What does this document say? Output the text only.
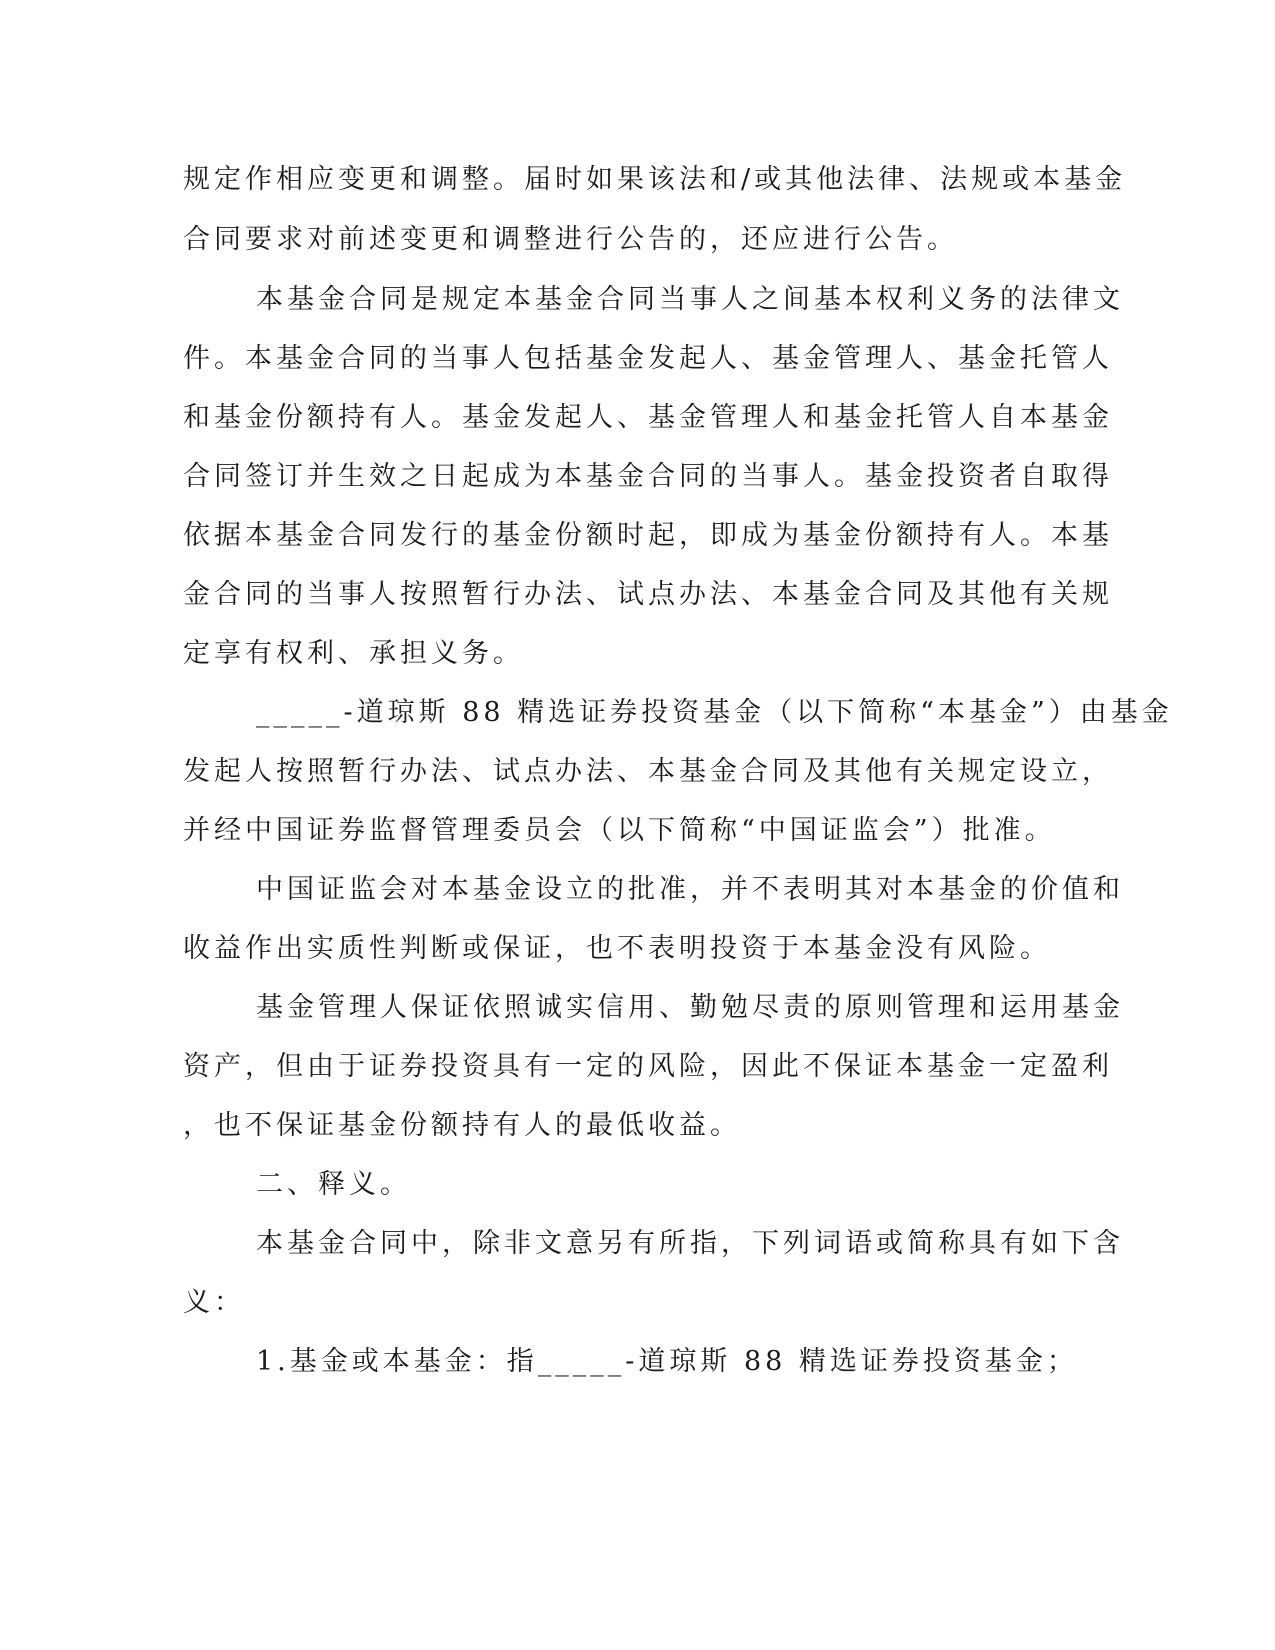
规定作相应变更和调整。届时如果该法和/或其他法律、法规或本基金
合同要求对前述变更和调整进行公告的，还应进行公告。
本基金合同是规定本基金合同当事人之间基本权利义务的法律文
件。本基金合同的当事人包括基金发起人、基金管理人、基金托管人
和基金份额持有人。基金发起人、基金管理人和基金托管人自本基金
合同签订并生效之日起成为本基金合同的当事人。基金投资者自取得
依据本基金合同发行的基金份额时起，即成为基金份额持有人。本基
金合同的当事人按照暂行办法、试点办法、本基金合同及其他有关规
定享有权利、承担义务。
_____-道琼斯 88 精选证券投资基金（以下简称“本基金”）由基金
发起人按照暂行办法、试点办法、本基金合同及其他有关规定设立，
并经中国证券监督管理委员会（以下简称“中国证监会”）批准。
中国证监会对本基金设立的批准，并不表明其对本基金的价值和
收益作出实质性判断或保证，也不表明投资于本基金没有风险。
基金管理人保证依照诚实信用、勤勉尽责的原则管理和运用基金
资产，但由于证券投资具有一定的风险，因此不保证本基金一定盈利
，也不保证基金份额持有人的最低收益。
二、释义。
本基金合同中，除非文意另有所指，下列词语或简称具有如下含
义：
1.基金或本基金：指_____-道琼斯 88 精选证券投资基金；
